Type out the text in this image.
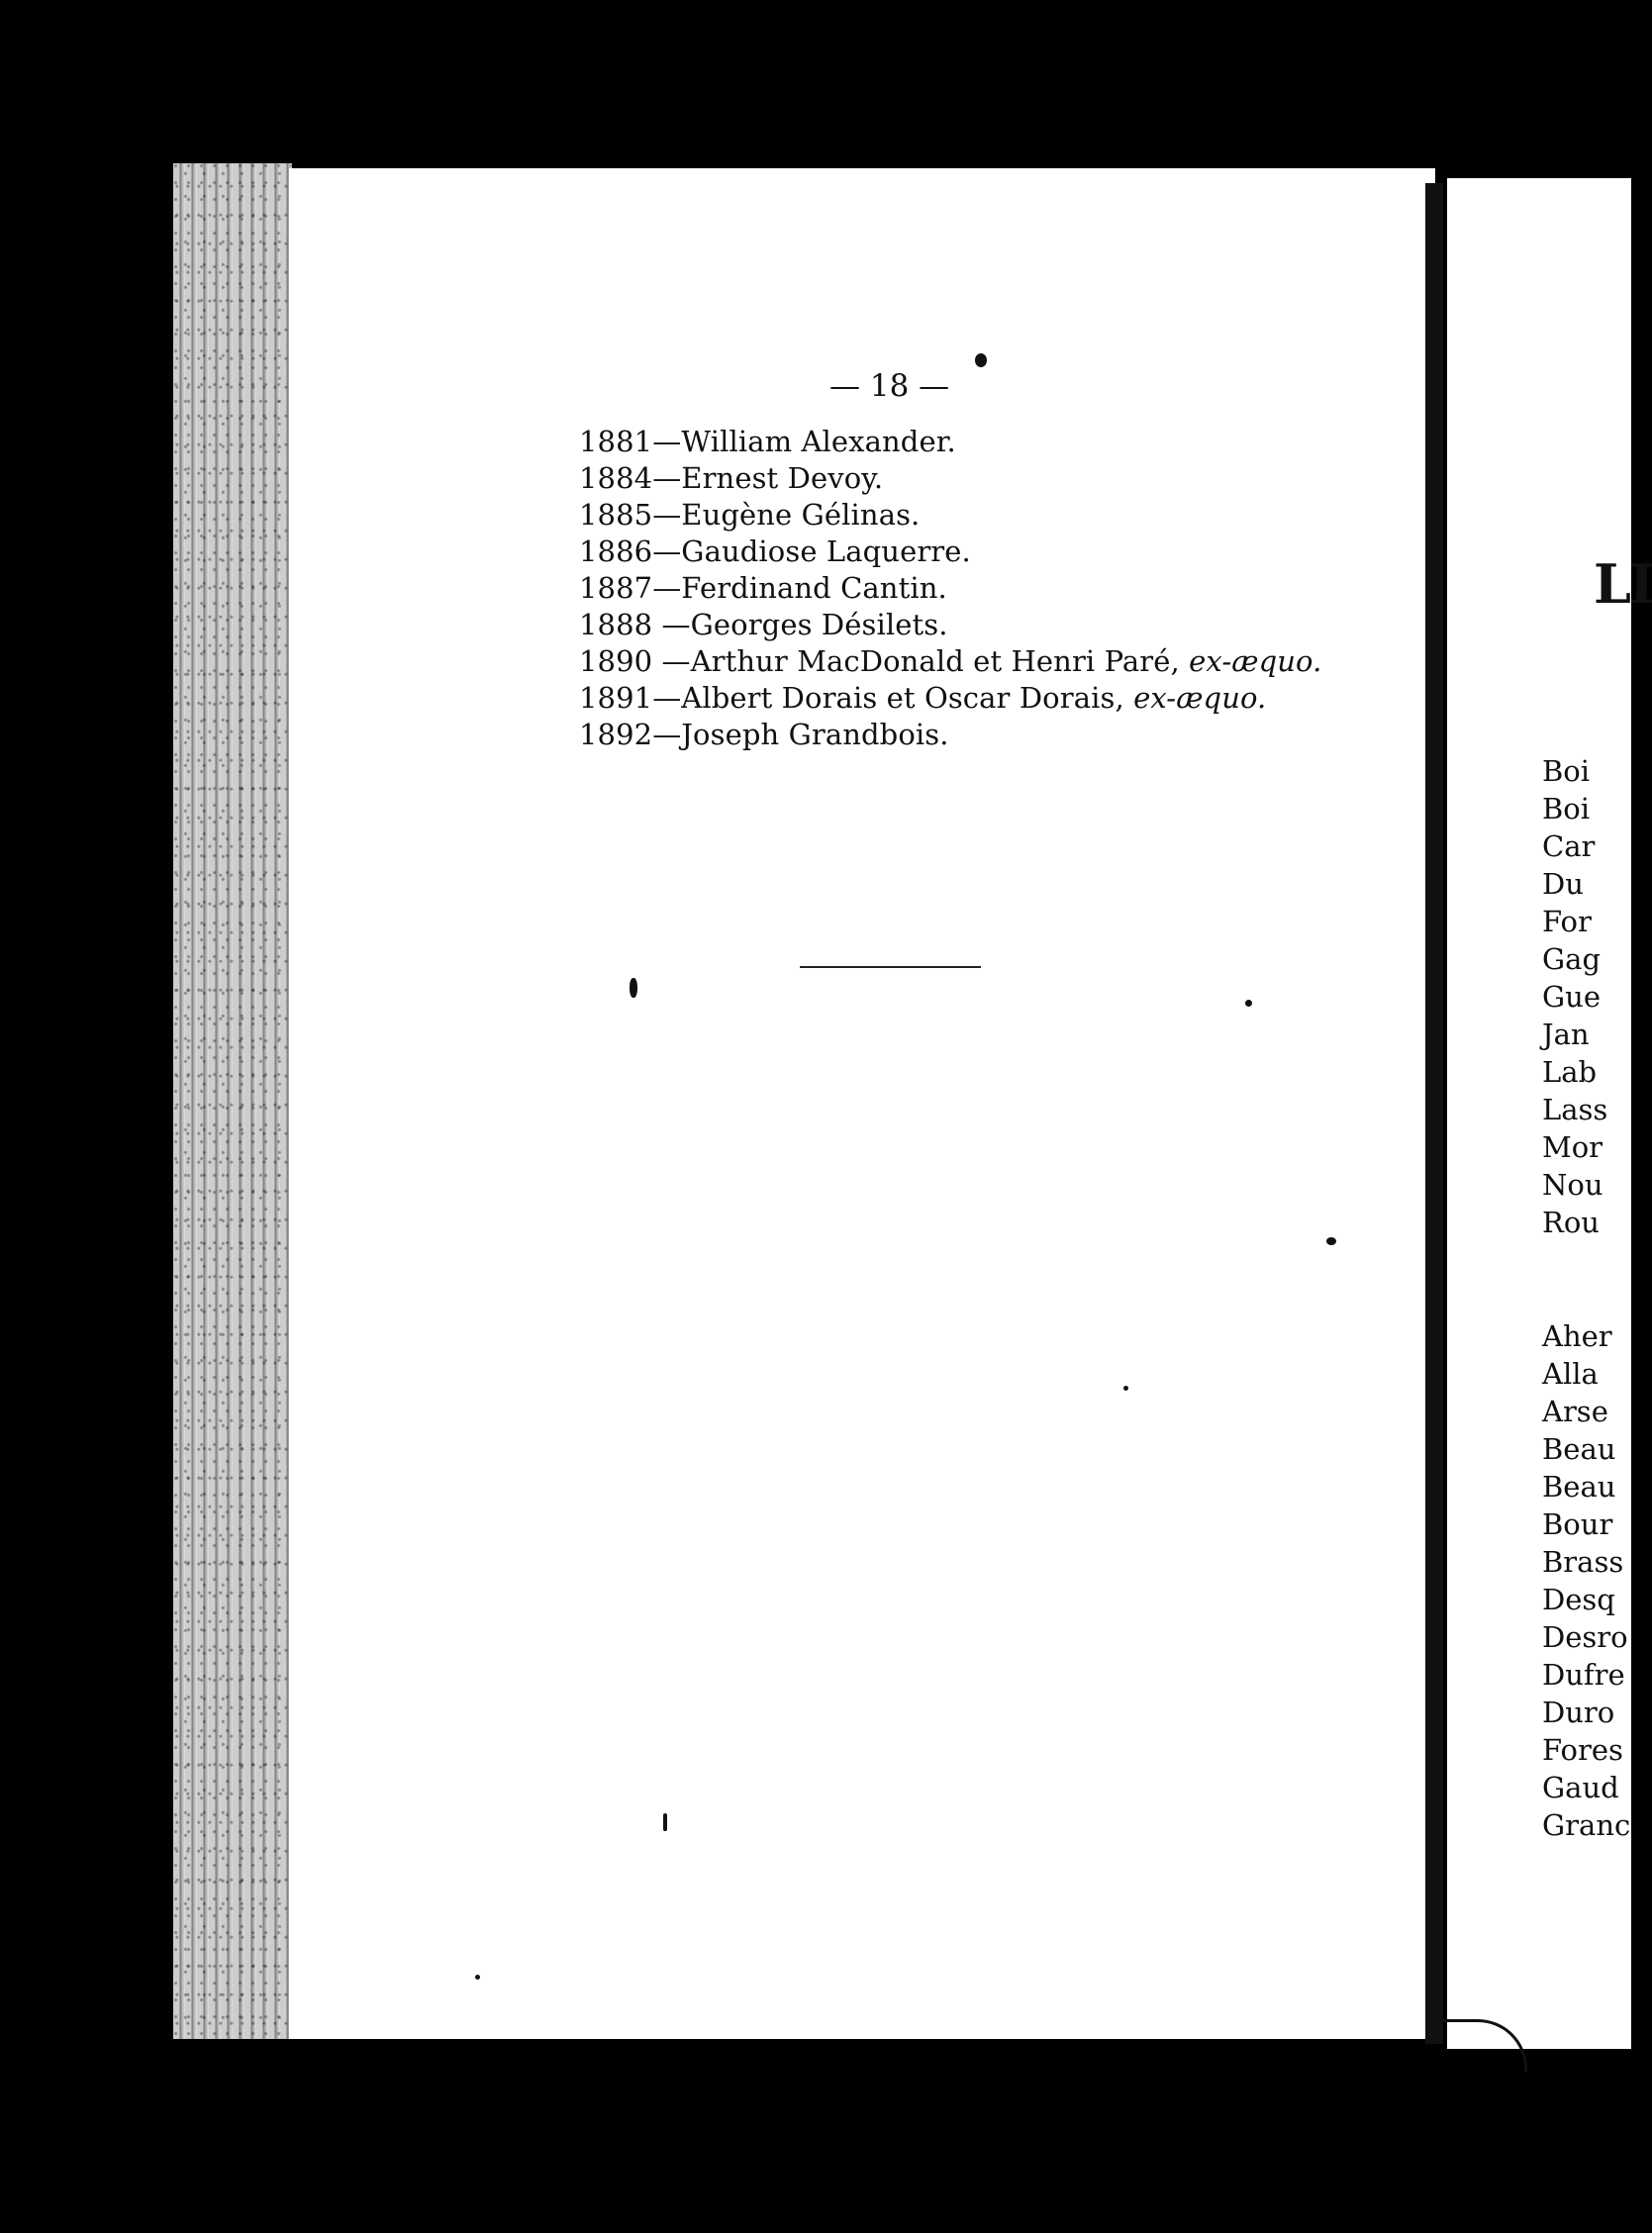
— 18 —
1881—William Alexander.
1884—Ernest Devoy.
1885—Eugène Gélinas.
1886—Gaudiose Laquerre.
1887—Ferdinand Cantin.
1888 —Georges Désilets.
1890 —Arthur MacDonald et Henri Paré, ex-æquo.
1891—Albert Dorais et Oscar Dorais, ex-æquo.
1892—Joseph Grandbois.
LI
Boi
Boi
Car
Du
For
Gag
Gue
Jan
Lab
Lass
Mor
Nou
Rou
Aher
Alla
Arse
Beau
Beau
Bour
Brass
Desq
Desro
Dufre
Duro
Fores
Gaud
Granc
